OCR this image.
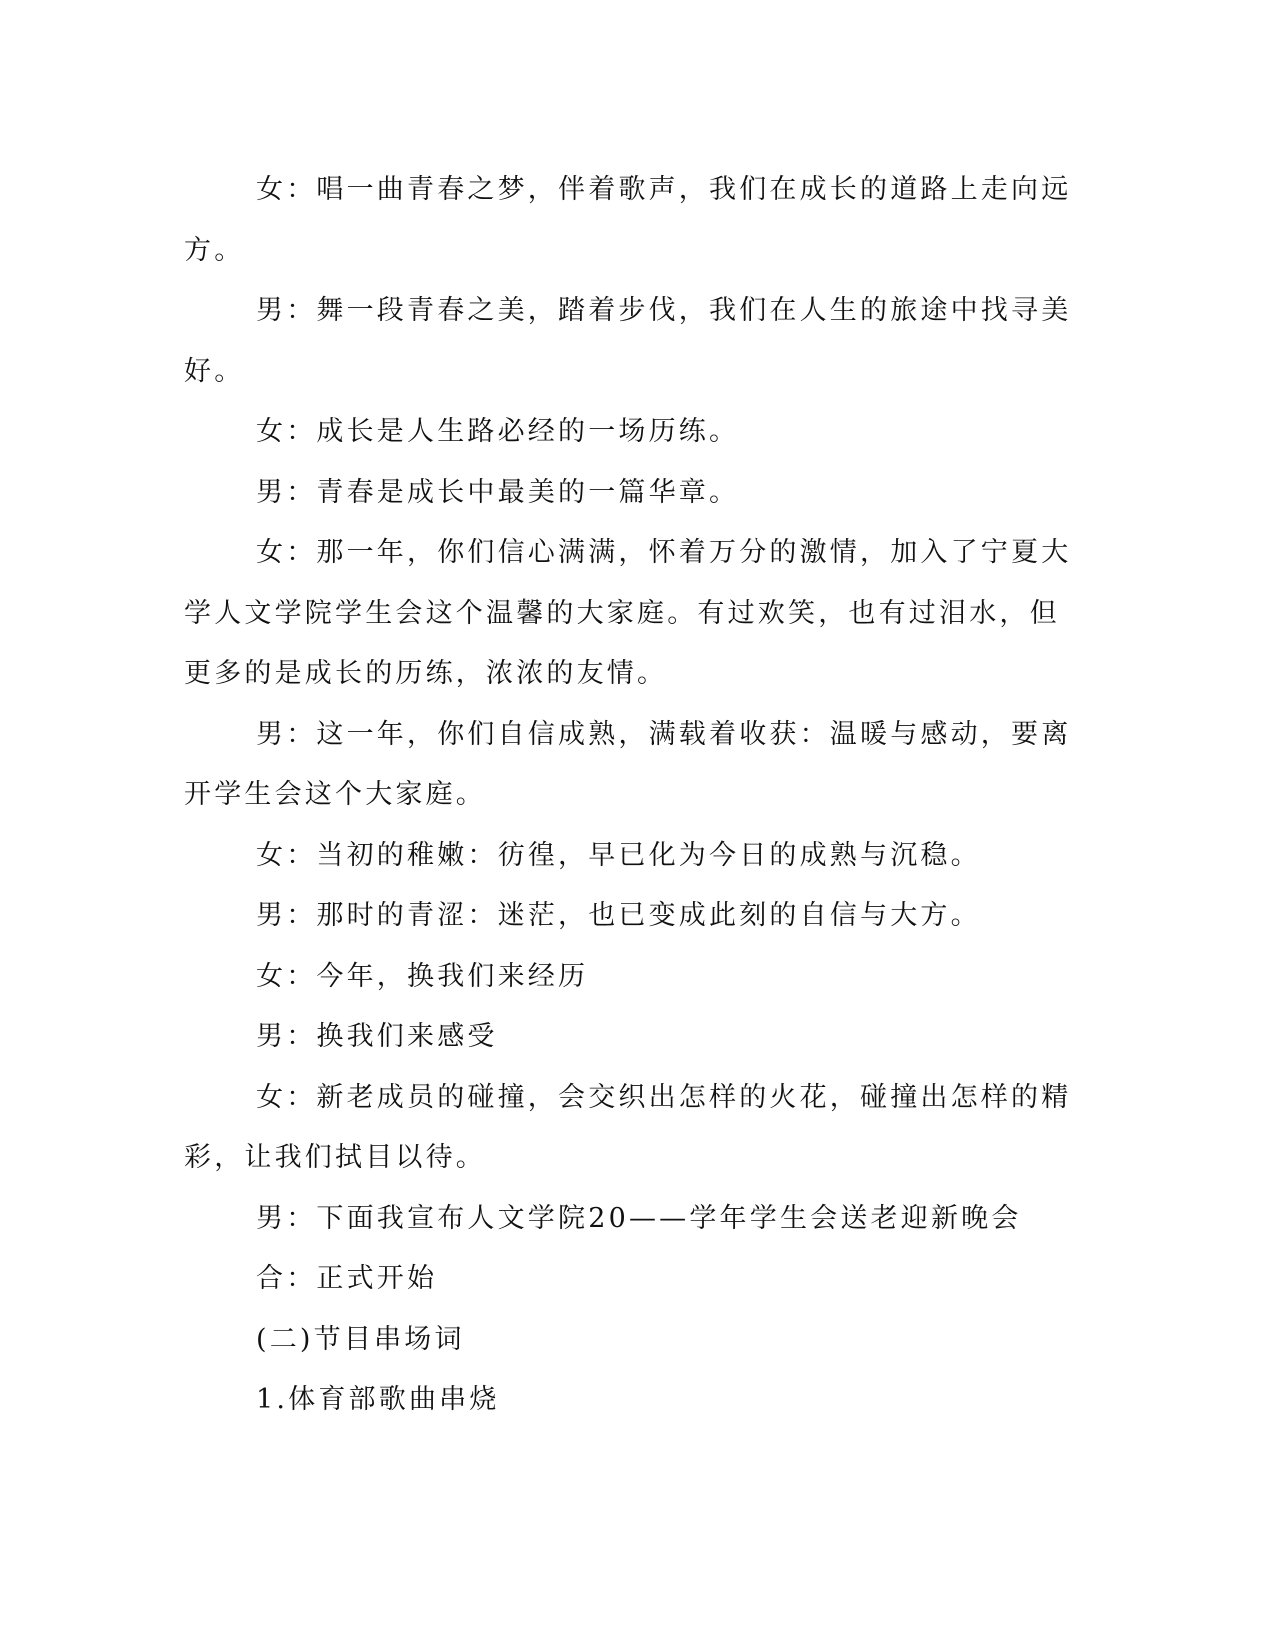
女：唱一曲青春之梦，伴着歌声，我们在成长的道路上走向远方。

男：舞一段青春之美，踏着步伐，我们在人生的旅途中找寻美好。

女：成长是人生路必经的一场历练。

男：青春是成长中最美的一篇华章。

女：那一年，你们信心满满，怀着万分的激情，加入了宁夏大学人文学院学生会这个温馨的大家庭。有过欢笑，也有过泪水，但更多的是成长的历练，浓浓的友情。

男：这一年，你们自信成熟，满载着收获：温暖与感动，要离开学生会这个大家庭。

女：当初的稚嫩：彷徨，早已化为今日的成熟与沉稳。

男：那时的青涩：迷茫，也已变成此刻的自信与大方。

女：今年，换我们来经历

男：换我们来感受

女：新老成员的碰撞，会交织出怎样的火花，碰撞出怎样的精彩，让我们拭目以待。

男：下面我宣布人文学院20——学年学生会送老迎新晚会

合：正式开始

(二)节目串场词

1.体育部歌曲串烧
